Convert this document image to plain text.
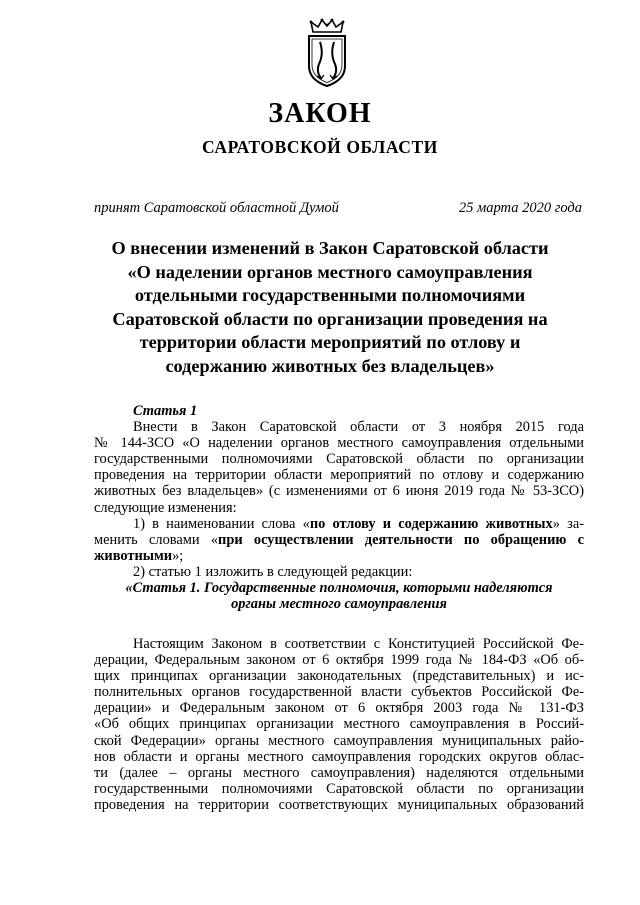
ЗАКОН
САРАТОВСКОЙ ОБЛАСТИ
принят Саратовской областной Думой	25 марта 2020 года
О внесении изменений в Закон Саратовской области
«О наделении органов местного самоуправления
отдельными государственными полномочиями
Саратовской области по организации проведения на
территории области мероприятий по отлову и
содержанию животных без владельцев»
Статья 1
Внести в Закон Саратовской области от 3 ноября 2015 года
№ 144-ЗСО «О наделении органов местного самоуправления отдельными
государственными полномочиями Саратовской области по организации
проведения на территории области мероприятий по отлову и содержанию
животных без владельцев» (с изменениями от 6 июня 2019 года № 53-ЗСО)
следующие изменения:
1) в наименовании слова «по отлову и содержанию животных» за-
менить словами «при осуществлении деятельности по обращению с
животными»;
2) статью 1 изложить в следующей редакции:
«Статья 1. Государственные полномочия, которыми наделяются
органы местного самоуправления
Настоящим Законом в соответствии с Конституцией Российской Фе-
дерации, Федеральным законом от 6 октября 1999 года № 184-ФЗ «Об об-
щих принципах организации законодательных (представительных) и ис-
полнительных органов государственной власти субъектов Российской Фе-
дерации» и Федеральным законом от 6 октября 2003 года № 131-ФЗ
«Об общих принципах организации местного самоуправления в Россий-
ской Федерации» органы местного самоуправления муниципальных райо-
нов области и органы местного самоуправления городских округов облас-
ти (далее – органы местного самоуправления) наделяются отдельными
государственными полномочиями Саратовской области по организации
проведения на территории соответствующих муниципальных образований
